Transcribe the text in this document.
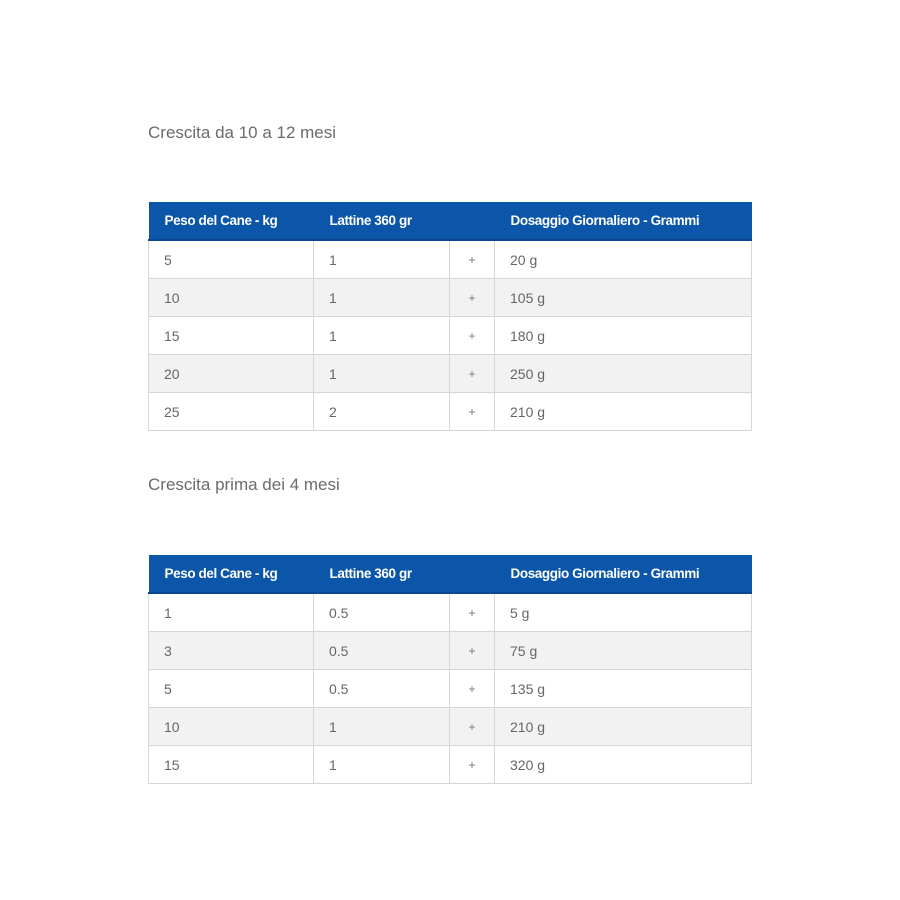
Crescita da 10 a 12 mesi
Peso del Cane - kg	Lattine 360 gr		Dosaggio Giornaliero - Grammi
5	1	+	20 g
10	1	+	105 g
15	1	+	180 g
20	1	+	250 g
25	2	+	210 g
Crescita prima dei 4 mesi
Peso del Cane - kg	Lattine 360 gr		Dosaggio Giornaliero - Grammi
1	0.5	+	5 g
3	0.5	+	75 g
5	0.5	+	135 g
10	1	+	210 g
15	1	+	320 g
